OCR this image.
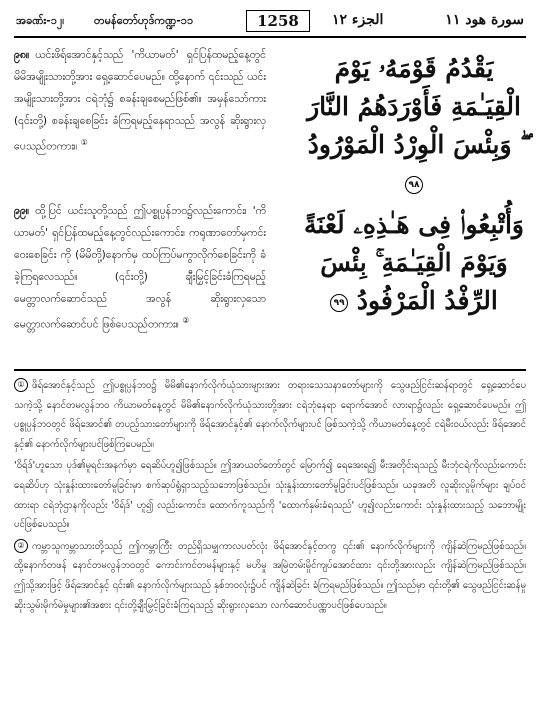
အခဏ်း-၁၂၊	တမန်တော်ဟုဒ်ကဏ္ဍ-၁၁	1258	الجزء ١٢	سورة هود ١١
၉၈။ ယင်းဖိရ်အောင်နှင့်သည် 'ကိယာမတ်' ရှင်ပြန်ထမည့်နေ့တွင် မိမိအမျိုးသားတို့အား ရှေ့ဆောင်ပေမည်။ ထို့နောက် ၎င်းသည် ယင်းအမျိုးသားတို့အား ငရဲဘုံ၌ စခန်းချစေမည်ဖြစ်၏။ အမှန်သော်ကား (၎င်းတို့) စခန်းချစေခြင်း ခံကြရမည့်နေရာသည် အလွန် ဆိုးရွားလှပေသည်တကား။ ①
يَقْدُمُ قَوْمَهُۥ يَوْمَ الْقِيَـٰمَةِ فَأَوْرَدَهُمُ النَّارَ ۖ وَبِئْسَ الْوِرْدُ الْمَوْرُودُ ٩٨
၉၉။ ထို့ပြင် ယင်းသူတို့သည် ဤပစ္စုပ္ပန်ဘဝ၌လည်းကောင်း၊ 'ကိယာမတ်' ရှင်ပြန်ထမည့်နေ့တွင်လည်းကောင်း၊ ကရုဏာတော်မှကင်းဝေးစေခြင်း ကို (မိမိတို့)နောက်မှ ထပ်ကြပ်မကွာလိုက်စေခြင်းကို ခံခဲ့ကြရလေသည်။ (၎င်းတို့) ချီးမြှင့်ခြင်းခံကြရမည့် မေတ္တာလက်ဆောင်သည် အလွန် ဆိုးရွားလှသော မေတ္တာလက်ဆောင်ပင် ဖြစ်ပေသည်တကား။ ②
وَأُتْبِعُوا۟ فِى هَـٰذِهِۦ لَعْنَةً وَيَوْمَ الْقِيَـٰمَةِ ۚ بِئْسَ الرِّفْدُ الْمَرْفُودُ ٩٩

① ဖိရ်အောင်နှင့်သည် ဤပစ္စုပ္ပန်ဘဝ၌ မိမိ၏နောက်လိုက်ယုံသားများအား တရားသေသနာတော်များကို သွေဖည်ငြင်းဆန်ရာတွင် ရှေ့ဆောင်ပေသကဲ့သို့ နောင်တမလွန်ဘဝ ကိယာမတ်နေ့တွင် မိမိ၏နောက်လိုက်ယုံသားတို့အား ငရဲဘုံနေရာ ရောက်အောင် လားရာ၌လည်း ရှေ့ဆောင်ပေမည်။ ဤပစ္စုပ္ပန်ဘဝတွင် ဖိရ်အောင်၏ တပည့်သားတော်များကို ဖိရ်အောင်နှင့်၏ နောက်လိုက်များပင် ဖြစ်သကဲ့သို့ ကိယာမတ်နေ့တွင် ငရဲမီးဝယ်လည်း ဖိရ်အောင်နှင့်၏ နောက်လိုက်များပင်ဖြစ်ကြပေမည်။

'ဝိရ်ဒ်'ဟူသော ပုဒ်၏မူရင်းအနက်မှာ ရေဆိပ်ဟူ၍ဖြစ်သည်။ ဤအာယတ်တော်တွင် မြောက်၍ ရေအေးရ၍ မီးအတိုင်းရသည့် မီးဘုံငရဲကိုလည်းကောင်း ရေဆိပ်ဟု သုံးနှုန်းထားတော်မူခြင်းမှာ စက်ဆုပ်ရွံရှာသည့်သဘောဖြစ်သည်။ သုံးနှုန်းထားတော်မူခြင်းပင်ဖြစ်သည်။ ယခုအတိ လူဆိုးလူမိုက်များ ချပ်ဝင်ထားရာ ငရဲဘုံဌာနကိုလည်း 'ဝိရ်ဒ်' ဟူ၍ လည်းကောင်း၊ ထောက်ကူသည်ကို 'ထောက်နှမ်းခံရသည်' ဟူ၍လည်းကောင်း သုံးနှုန်းထားသည့် သဘောမျိုးပင်ဖြစ်ပေသည်။

② ကမ္ဘာသူကမ္ဘာသားတို့သည် ဤကမ္ဘာကြီး တည်ရှိသမျှကာလပတ်လုံး ဖိရ်အောင်နှင့်တကွ ၎င်း၏ နောက်လိုက်များကို ကျိန်ဆဲကြမည်ဖြစ်သည်။ ထို့နောက်တဖန် နောင်တမလွန်ဘဝတွင် ကောင်းကင်တမန်များနှင့် မဟိမှု အမြဲတမ်းမှိုင်ကျပ်အောင်ထား ၎င်းတို့အားလည်း ကျိန်ဆဲကြမည်ဖြစ်သည်။ ဤသို့အားဖြင့် ဖိရ်အောင်နှင့် ၎င်း၏ နောက်လိုက်များသည် နှစ်ဘဝလုံး၌ပင် ကျိန်ဆဲခြင်း ခံကြရမည်ဖြစ်သည်။ ဤသည်မှာ ၎င်းတို့၏ သွေဖည်ငြင်းဆန်မှု ဆိုးသွမ်းမိုက်မဲမှုများ၏အစား ၎င်းတို့ချီးမြှင့်ခြင်းခံကြရသည့် ဆိုးရွားလှသော လက်ဆောင်ပဏ္ဏာပင်ဖြစ်ပေသည်။
